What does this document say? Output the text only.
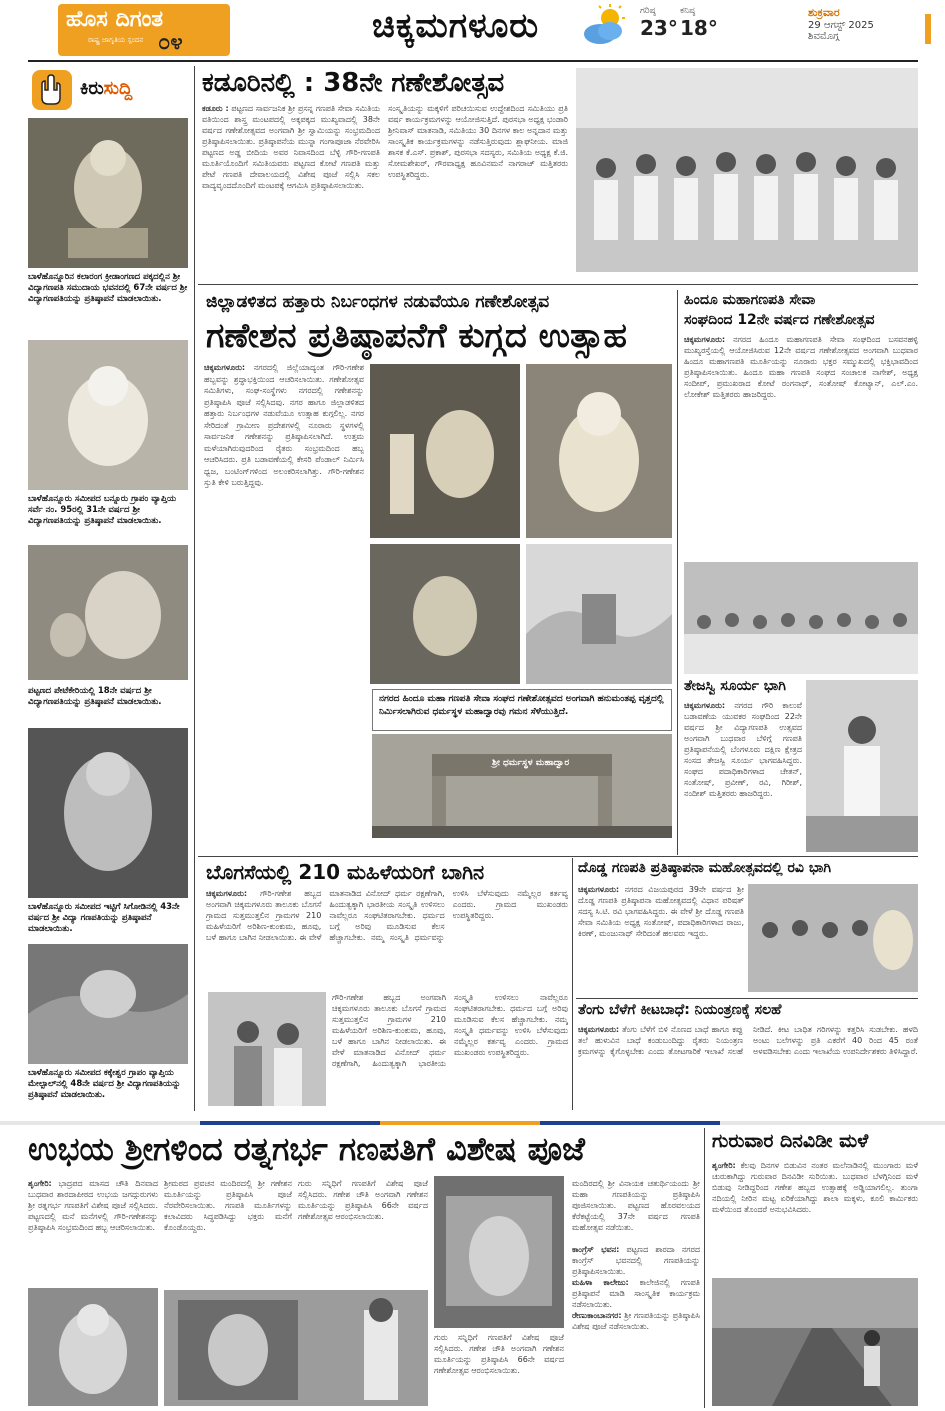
ಹೊಸ ದಿಗಂತ
ರಾಷ್ಟ್ರ ಜಾಗೃತಿಯ ಸ್ಪಂದನ ೦೪	ಚಿಕ್ಕಮಗಳೂರು	ಗರಿಷ್ಠ
23°
ಕನಿಷ್ಠ
18°
ಶುಕ್ರವಾರ
29 ಆಗಸ್ಟ್ 2025
ಶಿವಮೊಗ್ಗ
ಕಿರುಸುದ್ದಿ
ಬಾಳೆಹೊನ್ನೂರಿನ ಕಲಾರಂಗ ಕ್ರೀಡಾಂಗಣದ ಪಕ್ಕದಲ್ಲಿನ ಶ್ರೀ ವಿದ್ಯಾಗಣಪತಿ ಸಮುದಾಯ ಭವನದಲ್ಲಿ 67ನೇ ವರ್ಷದ ಶ್ರೀ ವಿದ್ಯಾಗಣಪತಿಯನ್ನು ಪ್ರತಿಷ್ಠಾಪನೆ ಮಾಡಲಾಯಿತು.
ಬಾಳೆಹೊನ್ನೂರು ಸಮೀಪದ ಬನ್ನೂರು ಗ್ರಾಪಂ ವ್ಯಾಪ್ತಿಯ ಸರ್ವೆ ನಂ. 95ರಲ್ಲಿ 31ನೇ ವರ್ಷದ ಶ್ರೀ ವಿದ್ಯಾಗಣಪತಿಯನ್ನು ಪ್ರತಿಷ್ಠಾಪನೆ ಮಾಡಲಾಯಿತು.
ಪಟ್ಟಣದ ಪೇಟೆಕೇರಿಯಲ್ಲಿ 18ನೇ ವರ್ಷದ ಶ್ರೀ ವಿದ್ಯಾಗಣಪತಿಯನ್ನು ಪ್ರತಿಷ್ಠಾಪನೆ ಮಾಡಲಾಯಿತು.
ಬಾಳೆಹೊನ್ನೂರು ಸಮೀಪದ ಇಟ್ಟಿಗೆ ಸಿಗೋಡಿನಲ್ಲಿ 43ನೇ ವರ್ಷದ ಶ್ರೀ ವಿದ್ಯಾ ಗಣಪತಿಯನ್ನು ಪ್ರತಿಷ್ಠಾಪನೆ ಮಾಡಲಾಯಿತು.
ಬಾಳೆಹೊನ್ನೂರು ಸಮೀಪದ ಕಕ್ಕೇಶ್ವರ ಗ್ರಾಪಂ ವ್ಯಾಪ್ತಿಯ ಮೇಲ್ಪಾಲ್‌ನಲ್ಲಿ 48ನೇ ವರ್ಷದ ಶ್ರೀ ವಿದ್ಯಾಗಣಪತಿಯನ್ನು ಪ್ರತಿಷ್ಠಾಪನೆ ಮಾಡಲಾಯಿತು.
ಕಡೂರಿನಲ್ಲಿ : 38ನೇ ಗಣೇಶೋತ್ಸವ
ಕಡೂರು : ಪಟ್ಟಣದ ಸಾರ್ವಜನಿಕ ಶ್ರೀ ಪ್ರಸನ್ನ ಗಣಪತಿ ಸೇವಾ ಸಮಿತಿಯ ವತಿಯಿಂದ ಶಾಸ್ತ್ರ ಮಂಟಪದಲ್ಲಿ ಅಕ್ಕಪಕ್ಕದ ಮುಖ್ಯವಾದಲ್ಲಿ 38ನೇ ವರ್ಷದ ಗಣೇಶೋತ್ಸವದ ಅಂಗವಾಗಿ ಶ್ರೀ ಸ್ವಾಮಿಯನ್ನು ಸಂಭ್ರಮದಿಂದ ಪ್ರತಿಷ್ಠಾಪಿಸಲಾಯಿತು. ಪ್ರತಿಷ್ಠಾಪನೆಯ ಮುನ್ನಾ ಗಂಗಾಪೂಜಾ ನೆರವೇರಿಸಿ ಪಟ್ಟಣದ ಅಡ್ಡ ಬೀದಿಯ ಅವರ ನಿವಾಸದಿಂದ ಬೆಳ್ಳಿ ಗೌರಿ-ಗಣಪತಿ ಮೂರ್ತಿಯೊಂದಿಗೆ ಸಮಿತಿಯವರು ಪಟ್ಟಣದ ಕೋಟೆ ಗಣಪತಿ ಮತ್ತು ಪೇಟೆ ಗಣಪತಿ ದೇವಾಲಯದಲ್ಲಿ ವಿಶೇಷ ಪೂಜೆ ಸಲ್ಲಿಸಿ ಸಕಲ ವಾದ್ಯವೃಂದದೊಂದಿಗೆ ಮಂಟಪಕ್ಕೆ ಆಗಮಿಸಿ ಪ್ರತಿಷ್ಠಾಪಿಸಲಾಯಿತು.
ಸಂಸ್ಕೃತಿಯನ್ನು ಮಕ್ಕಳಿಗೆ ಪರಿಚಯಿಸುವ ಉದ್ದೇಶದಿಂದ ಸಮಿತಿಯು ಪ್ರತಿ ವರ್ಷ ಕಾರ್ಯಕ್ರಮಗಳನ್ನು ಆಯೋಜಿಸುತ್ತಿದೆ. ಪುರಸಭಾ ಅಧ್ಯಕ್ಷ ಭಂಡಾರಿ ಶ್ರೀನಿವಾಸ್ ಮಾತನಾಡಿ, ಸಮಿತಿಯು 30 ದಿನಗಳ ಕಾಲ ಅನ್ನದಾನ ಮತ್ತು ಸಾಂಸ್ಕೃತಿಕ ಕಾರ್ಯಕ್ರಮಗಳನ್ನು ನಡೆಸುತ್ತಿರುವುದು ಶ್ಲಾಘನೀಯ. ಮಾಜಿ ಶಾಸಕ ಕೆ.ಎಸ್. ಪ್ರಕಾಶ್, ಪುರಸಭಾ ಸದಸ್ಯರು, ಸಮಿತಿಯ ಅಧ್ಯಕ್ಷ ಕೆ.ಜಿ. ಸೋಮಶೇಖರ್, ಗೌರವಾಧ್ಯಕ್ಷ ಹೂವಿನಮನೆ ನಾಗರಾಜ್ ಮತ್ತಿತರರು ಉಪಸ್ಥಿತರಿದ್ದರು.
ಜಿಲ್ಲಾಡಳಿತದ ಹತ್ತಾರು ನಿರ್ಬಂಧಗಳ ನಡುವೆಯೂ ಗಣೇಶೋತ್ಸವ
ಗಣೇಶನ ಪ್ರತಿಷ್ಠಾಪನೆಗೆ ಕುಗ್ಗದ ಉತ್ಸಾಹ
ಚಿಕ್ಕಮಗಳೂರು: ನಗರದಲ್ಲಿ ಜಿಲ್ಲೆಯಾದ್ಯಂತ ಗೌರಿ-ಗಣೇಶ ಹಬ್ಬವನ್ನು ಶ್ರದ್ಧಾಭಕ್ತಿಯಿಂದ ಆಚರಿಸಲಾಯಿತು. ಗಣೇಶೋತ್ಸವ ಸಮಿತಿಗಳು, ಸಂಘ-ಸಂಸ್ಥೆಗಳು ನಗರದಲ್ಲಿ ಗಣೇಶನನ್ನು ಪ್ರತಿಷ್ಠಾಪಿಸಿ ಪೂಜೆ ಸಲ್ಲಿಸಿದವು. ನಗರ ಹಾಗೂ ಜಿಲ್ಲಾಡಳಿತದ ಹತ್ತಾರು ನಿರ್ಬಂಧಗಳ ನಡುವೆಯೂ ಉತ್ಸಾಹ ಕುಗ್ಗಲಿಲ್ಲ. ನಗರ ಸೇರಿದಂತೆ ಗ್ರಾಮೀಣ ಪ್ರದೇಶಗಳಲ್ಲಿ ನೂರಾರು ಸ್ಥಳಗಳಲ್ಲಿ ಸಾರ್ವಜನಿಕ ಗಣೇಶನನ್ನು ಪ್ರತಿಷ್ಠಾಪಿಸಲಾಗಿದೆ. ಉತ್ತಮ ಮಳೆಯಾಗಿರುವುದರಿಂದ ರೈತರು ಸಂಭ್ರಮದಿಂದ ಹಬ್ಬ ಆಚರಿಸಿದರು. ಪ್ರತಿ ಬಡಾವಣೆಯಲ್ಲಿ ಕೇಸರಿ ಪೆಂಡಾಲ್ ನಿರ್ಮಿಸಿ ಧ್ವಜ, ಬಂಟಿಂಗ್‌ಗಳಿಂದ ಅಲಂಕರಿಸಲಾಗಿತ್ತು. ಗೌರಿ-ಗಣೇಶನ ಸ್ತುತಿ ಕೇಳಿ ಬರುತ್ತಿದ್ದವು.
ನಗರದ ಹಿಂದೂ ಮಹಾ ಗಣಪತಿ ಸೇವಾ ಸಂಘದ ಗಣೇಶೋತ್ಸವದ ಅಂಗವಾಗಿ ಹನುಮಂತಪ್ಪ ವೃತ್ತದಲ್ಲಿ ನಿರ್ಮಿಸಲಾಗಿರುವ ಧರ್ಮಸ್ಥಳ ಮಹಾದ್ವಾರವು ಗಮನ ಸೆಳೆಯುತ್ತಿದೆ.
ಶ್ರೀ ಧರ್ಮಸ್ಥಳ ಮಹಾದ್ವಾರ
ಹಿಂದೂ ಮಹಾಗಣಪತಿ ಸೇವಾ
ಸಂಘದಿಂದ 12ನೇ ವರ್ಷದ ಗಣೇಶೋತ್ಸವ
ಚಿಕ್ಕಮಗಳೂರು: ನಗರದ ಹಿಂದೂ ಮಹಾಗಣಪತಿ ಸೇವಾ ಸಂಘದಿಂದ ಬಸವನಹಳ್ಳಿ ಮುಖ್ಯರಸ್ತೆಯಲ್ಲಿ ಆಯೋಜಿಸಿರುವ 12ನೇ ವರ್ಷದ ಗಣೇಶೋತ್ಸವದ ಅಂಗವಾಗಿ ಬುಧವಾರ ಹಿಂದೂ ಮಹಾಗಣಪತಿ ಮೂರ್ತಿಯನ್ನು ನೂರಾರು ಭಕ್ತರ ಸಮ್ಮುಖದಲ್ಲಿ ಭಕ್ತಿಭಾವದಿಂದ ಪ್ರತಿಷ್ಠಾಪಿಸಲಾಯಿತು. ಹಿಂದೂ ಮಹಾ ಗಣಪತಿ ಸಂಘದ ಸಂಚಾಲಕ ನಾಗೇಶ್, ಅಧ್ಯಕ್ಷ ಸಂದೀಪ್, ಪ್ರಮುಖರಾದ ಕೋಟೆ ರಂಗನಾಥ್, ಸಂತೋಷ್ ಕೋಟ್ಯಾನ್, ಎಲ್.ಎಂ. ಲೋಕೇಶ್ ಮತ್ತಿತರರು ಹಾಜರಿದ್ದರು.
ತೇಜಸ್ವಿ ಸೂರ್ಯ ಭಾಗಿ
ಚಿಕ್ಕಮಗಳೂರು: ನಗರದ ಗೌರಿ ಕಾಲುವೆ ಬಡಾವಣೆಯ ಯುವಕರ ಸಂಘದಿಂದ 22ನೇ ವರ್ಷದ ಶ್ರೀ ವಿದ್ಯಾಗಣಪತಿ ಉತ್ಸವದ ಅಂಗವಾಗಿ ಬುಧವಾರ ಬೆಳಿಗ್ಗೆ ಗಣಪತಿ ಪ್ರತಿಷ್ಠಾಪನೆಯಲ್ಲಿ ಬೆಂಗಳೂರು ದಕ್ಷಿಣ ಕ್ಷೇತ್ರದ ಸಂಸದ ತೇಜಸ್ವಿ ಸೂರ್ಯ ಭಾಗವಹಿಸಿದ್ದರು. ಸಂಘದ ಪದಾಧಿಕಾರಿಗಳಾದ ಚೇತನ್, ಸಂತೋಷ್, ಪ್ರವೀಣ್, ರವಿ, ಗಿರೀಶ್, ನಂದೀಶ್ ಮತ್ತಿತರರು ಹಾಜರಿದ್ದರು.
ಬೊಗಸೆಯಲ್ಲಿ 210 ಮಹಿಳೆಯರಿಗೆ ಬಾಗಿನ
ಚಿಕ್ಕಮಗಳೂರು: ಗೌರಿ-ಗಣೇಶ ಹಬ್ಬದ ಅಂಗವಾಗಿ ಚಿಕ್ಕಮಗಳೂರು ತಾಲೂಕು ಬೊಗಸೆ ಗ್ರಾಮದ ಸುತ್ತಮುತ್ತಲಿನ ಗ್ರಾಮಗಳ 210 ಮಹಿಳೆಯರಿಗೆ ಅರಿಶಿಣ-ಕುಂಕುಮ, ಹೂವು, ಬಳೆ ಹಾಗೂ ಬಾಗಿನ ನೀಡಲಾಯಿತು. ಈ ವೇಳೆ ಮಾತನಾಡಿದ ವಿನೋದ್ ಧರ್ಮ ರಕ್ಷಣೆಗಾಗಿ, ಹಿಂದುತ್ವಕ್ಕಾಗಿ ಭಾರತೀಯ ಸಂಸ್ಕೃತಿ ಉಳಿಸಲು ನಾವೆಲ್ಲರೂ ಸಂಘಟಿತರಾಗಬೇಕು. ಧರ್ಮದ ಬಗ್ಗೆ ಅರಿವು ಮೂಡಿಸುವ ಕೆಲಸ ಹೆಚ್ಚಾಗಬೇಕು. ನಮ್ಮ ಸಂಸ್ಕೃತಿ ಧರ್ಮವನ್ನು ಉಳಿಸಿ ಬೆಳೆಸುವುದು ನಮ್ಮೆಲ್ಲರ ಕರ್ತವ್ಯ ಎಂದರು. ಗ್ರಾಮದ ಮುಖಂಡರು ಉಪಸ್ಥಿತರಿದ್ದರು.
ಗೌರಿ-ಗಣೇಶ ಹಬ್ಬದ ಅಂಗವಾಗಿ ಚಿಕ್ಕಮಗಳೂರು ತಾಲೂಕು ಬೊಗಸೆ ಗ್ರಾಮದ ಸುತ್ತಮುತ್ತಲಿನ ಗ್ರಾಮಗಳ 210 ಮಹಿಳೆಯರಿಗೆ ಅರಿಶಿಣ-ಕುಂಕುಮ, ಹೂವು, ಬಳೆ ಹಾಗೂ ಬಾಗಿನ ನೀಡಲಾಯಿತು. ಈ ವೇಳೆ ಮಾತನಾಡಿದ ವಿನೋದ್ ಧರ್ಮ ರಕ್ಷಣೆಗಾಗಿ, ಹಿಂದುತ್ವಕ್ಕಾಗಿ ಭಾರತೀಯ ಸಂಸ್ಕೃತಿ ಉಳಿಸಲು ನಾವೆಲ್ಲರೂ ಸಂಘಟಿತರಾಗಬೇಕು. ಧರ್ಮದ ಬಗ್ಗೆ ಅರಿವು ಮೂಡಿಸುವ ಕೆಲಸ ಹೆಚ್ಚಾಗಬೇಕು. ನಮ್ಮ ಸಂಸ್ಕೃತಿ ಧರ್ಮವನ್ನು ಉಳಿಸಿ ಬೆಳೆಸುವುದು ನಮ್ಮೆಲ್ಲರ ಕರ್ತವ್ಯ ಎಂದರು. ಗ್ರಾಮದ ಮುಖಂಡರು ಉಪಸ್ಥಿತರಿದ್ದರು.
ದೊಡ್ಡ ಗಣಪತಿ ಪ್ರತಿಷ್ಠಾಪನಾ ಮಹೋತ್ಸವದಲ್ಲಿ ರವಿ ಭಾಗಿ
ಚಿಕ್ಕಮಗಳೂರು: ನಗರದ ವಿಜಯಪುರದ 39ನೇ ವರ್ಷದ ಶ್ರೀ ದೊಡ್ಡ ಗಣಪತಿ ಪ್ರತಿಷ್ಠಾಪನಾ ಮಹೋತ್ಸವದಲ್ಲಿ ವಿಧಾನ ಪರಿಷತ್ ಸದಸ್ಯ ಸಿ.ಟಿ. ರವಿ ಭಾಗವಹಿಸಿದ್ದರು. ಈ ವೇಳೆ ಶ್ರೀ ದೊಡ್ಡ ಗಣಪತಿ ಸೇವಾ ಸಮಿತಿಯ ಅಧ್ಯಕ್ಷ ಸಂತೋಷ್, ಪದಾಧಿಕಾರಿಗಳಾದ ರಾಜು, ಕಿರಣ್, ಮಂಜುನಾಥ್ ಸೇರಿದಂತೆ ಹಲವರು ಇದ್ದರು.
ತೆಂಗು ಬೆಳೆಗೆ ಕೀಟಬಾಧೆ: ನಿಯಂತ್ರಣಕ್ಕೆ ಸಲಹೆ
ಚಿಕ್ಕಮಗಳೂರು: ತೆಂಗು ಬೆಳೆಗೆ ಬಿಳಿ ನೊಣದ ಬಾಧೆ ಹಾಗೂ ಕಪ್ಪು ತಲೆ ಹುಳುವಿನ ಬಾಧೆ ಕಂಡುಬಂದಿದ್ದು ರೈತರು ನಿಯಂತ್ರಣ ಕ್ರಮಗಳನ್ನು ಕೈಗೊಳ್ಳಬೇಕು ಎಂದು ತೋಟಗಾರಿಕೆ ಇಲಾಖೆ ಸಲಹೆ ನೀಡಿದೆ. ಕೀಟ ಬಾಧಿತ ಗರಿಗಳನ್ನು ಕತ್ತರಿಸಿ ಸುಡಬೇಕು. ಹಳದಿ ಅಂಟು ಬಲೆಗಳನ್ನು ಪ್ರತಿ ಎಕರೆಗೆ 40 ರಿಂದ 45 ರಂತೆ ಅಳವಡಿಸಬೇಕು ಎಂದು ಇಲಾಖೆಯ ಉಪನಿರ್ದೇಶಕರು ತಿಳಿಸಿದ್ದಾರೆ.
ಉಭಯ ಶ್ರೀಗಳಿಂದ ರತ್ನಗರ್ಭ ಗಣಪತಿಗೆ ವಿಶೇಷ ಪೂಜೆ
ಶೃಂಗೇರಿ: ಭಾದ್ರಪದ ಮಾಸದ ಚೌತಿ ದಿನವಾದ ಬುಧವಾರ ಶಾರದಾಪೀಠದ ಉಭಯ ಜಗದ್ಗುರುಗಳು ಶ್ರೀ ರತ್ನಗರ್ಭ ಗಣಪತಿಗೆ ವಿಶೇಷ ಪೂಜೆ ಸಲ್ಲಿಸಿದರು. ಪಟ್ಟಣದಲ್ಲಿ ಮನೆ ಮನೆಗಳಲ್ಲಿ ಗೌರಿ-ಗಣೇಶನನ್ನು ಪ್ರತಿಷ್ಠಾಪಿಸಿ ಸಂಭ್ರಮದಿಂದ ಹಬ್ಬ ಆಚರಿಸಲಾಯಿತು.
ಶ್ರೀಮಠದ ಪ್ರವಚನ ಮಂದಿರದಲ್ಲಿ ಶ್ರೀ ಗಣೇಶನ ಮೂರ್ತಿಯನ್ನು ಪ್ರತಿಷ್ಠಾಪಿಸಿ ಪೂಜೆ ನೆರವೇರಿಸಲಾಯಿತು. ಗಣಪತಿ ಮೂರ್ತಿಗಳನ್ನು ಕಲಾವಿದರು ಸಿದ್ಧಪಡಿಸಿದ್ದು ಭಕ್ತರು ಮನೆಗೆ ಕೊಂಡೊಯ್ದರು.
ಗುರು ಸನ್ನಿಧಿಗೆ ಗಣಪತಿಗೆ ವಿಶೇಷ ಪೂಜೆ ಸಲ್ಲಿಸಿದರು. ಗಣೇಶ ಚೌತಿ ಅಂಗವಾಗಿ ಗಣೇಶನ ಮೂರ್ತಿಯನ್ನು ಪ್ರತಿಷ್ಠಾಪಿಸಿ 66ನೇ ವರ್ಷದ ಗಣೇಶೋತ್ಸವ ಆರಂಭಿಸಲಾಯಿತು.
ಗುರು ಸನ್ನಿಧಿಗೆ ಗಣಪತಿಗೆ ವಿಶೇಷ ಪೂಜೆ ಸಲ್ಲಿಸಿದರು. ಗಣೇಶ ಚೌತಿ ಅಂಗವಾಗಿ ಗಣೇಶನ ಮೂರ್ತಿಯನ್ನು ಪ್ರತಿಷ್ಠಾಪಿಸಿ 66ನೇ ವರ್ಷದ ಗಣೇಶೋತ್ಸವ ಆರಂಭಿಸಲಾಯಿತು.
ಮಂದಿರದಲ್ಲಿ ಶ್ರೀ ವಿನಾಯಕ ಚತುರ್ಥಿಯಂದು ಶ್ರೀ ಮಹಾ ಗಣಪತಿಯನ್ನು ಪ್ರತಿಷ್ಠಾಪಿಸಿ ಪೂಜಿಸಲಾಯಿತು. ಪಟ್ಟಣದ ಹೊರವಲಯದ ಕೆರೆಕಟ್ಟೆಯಲ್ಲಿ 37ನೇ ವರ್ಷದ ಗಣಪತಿ ಮಹೋತ್ಸವ ನಡೆಯಿತು.

ಕಾಂಗ್ರೆಸ್ ಭವನ: ಪಟ್ಟಣದ ಶಾರದಾ ನಗರದ ಕಾಂಗ್ರೆಸ್ ಭವನದಲ್ಲಿ ಗಣಪತಿಯನ್ನು ಪ್ರತಿಷ್ಠಾಪಿಸಲಾಯಿತು.
ಮಹಿಳಾ ಕಾಲೇಜು: ಕಾಲೇಜಿನಲ್ಲಿ ಗಣಪತಿ ಪ್ರತಿಷ್ಠಾಪನೆ ಮಾಡಿ ಸಾಂಸ್ಕೃತಿಕ ಕಾರ್ಯಕ್ರಮ ನಡೆಸಲಾಯಿತು.
ರೇಣುಕಾಂಬಾನಗರ: ಶ್ರೀ ಗಣಪತಿಯನ್ನು ಪ್ರತಿಷ್ಠಾಪಿಸಿ ವಿಶೇಷ ಪೂಜೆ ನಡೆಸಲಾಯಿತು.
ಗುರುವಾರ ದಿನವಿಡೀ ಮಳೆ
ಶೃಂಗೇರಿ: ಕೆಲವು ದಿನಗಳ ಬಿಡುವಿನ ನಂತರ ಮಲೆನಾಡಿನಲ್ಲಿ ಮುಂಗಾರು ಮಳೆ ಚುರುಕಾಗಿದ್ದು ಗುರುವಾರ ದಿನವಿಡೀ ಸುರಿಯಿತು. ಬುಧವಾರ ಬೆಳಗ್ಗಿನಿಂದ ಮಳೆ ಬಿಡುವು ನೀಡಿದ್ದರಿಂದ ಗಣೇಶ ಹಬ್ಬದ ಉತ್ಸಾಹಕ್ಕೆ ಅಡ್ಡಿಯಾಗಲಿಲ್ಲ. ತುಂಗಾ ನದಿಯಲ್ಲಿ ನೀರಿನ ಮಟ್ಟ ಏರಿಕೆಯಾಗಿದ್ದು ಶಾಲಾ ಮಕ್ಕಳು, ಕೂಲಿ ಕಾರ್ಮಿಕರು ಮಳೆಯಿಂದ ತೊಂದರೆ ಅನುಭವಿಸಿದರು.
